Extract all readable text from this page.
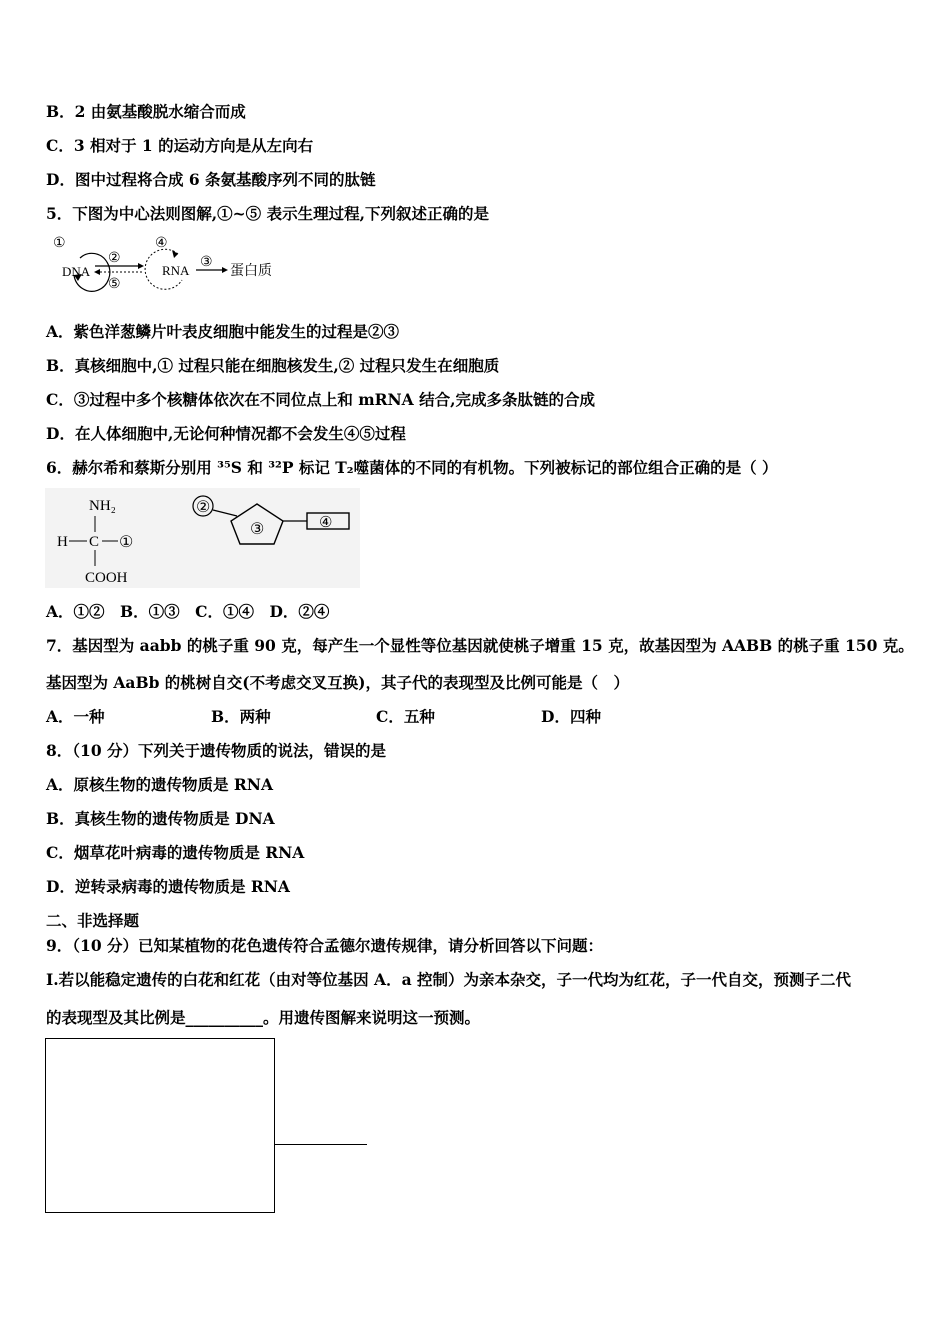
B．2 由氨基酸脱水缩合而成
C．3 相对于 1 的运动方向是从左向右
D．图中过程将合成 6 条氨基酸序列不同的肽链
5．下图为中心法则图解,①~⑤ 表示生理过程,下列叙述正确的是
①
DNA
②
⑤
④
RNA
③
蛋白质
A．紫色洋葱鳞片叶表皮细胞中能发生的过程是②③
B．真核细胞中,① 过程只能在细胞核发生,② 过程只发生在细胞质
C．③过程中多个核糖体依次在不同位点上和 mRNA 结合,完成多条肽链的合成
D．在人体细胞中,无论何种情况都不会发生④⑤过程
6．赫尔希和蔡斯分别用 ³⁵S 和 ³²P 标记 T₂噬菌体的不同的有机物。下列被标记的部位组合正确的是（ ）
NH₂
H C ①
COOH
②
③	④
A．①②　B．①③　C．①④　D．②④
7．基因型为 aabb 的桃子重 90 克，每产生一个显性等位基因就使桃子增重 15 克，故基因型为 AABB 的桃子重 150 克。
基因型为 AaBb 的桃树自交(不考虑交叉互换)，其子代的表现型及比例可能是（　）
A．一种	B．两种	C．五种	D．四种
8．（10 分）下列关于遗传物质的说法，错误的是
A．原核生物的遗传物质是 RNA
B．真核生物的遗传物质是 DNA
C．烟草花叶病毒的遗传物质是 RNA
D．逆转录病毒的遗传物质是 RNA
二、非选择题
9．（10 分）已知某植物的花色遗传符合孟德尔遗传规律，请分析回答以下问题：
I.若以能稳定遗传的白花和红花（由对等位基因 A．a 控制）为亲本杂交，子一代均为红花，子一代自交，预测子二代
的表现型及其比例是__________。用遗传图解来说明这一预测。
